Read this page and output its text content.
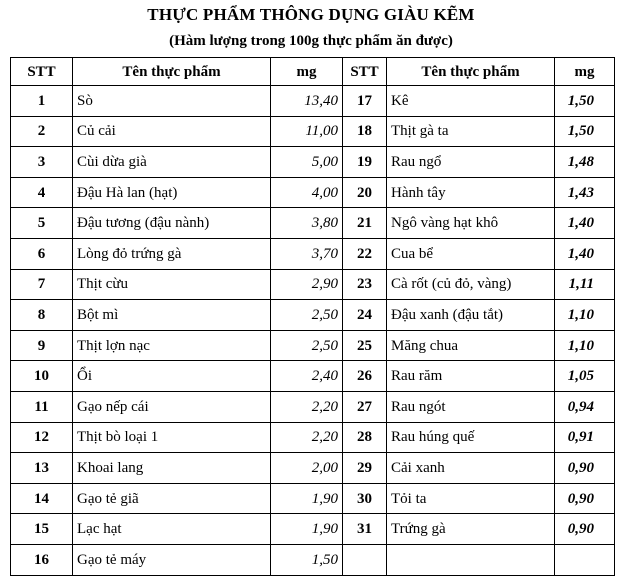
THỰC PHẨM THÔNG DỤNG GIÀU KẼM
(Hàm lượng trong 100g thực phẩm ăn được)
STT	Tên thực phẩm	mg	STT	Tên thực phẩm	mg
1	Sò	13,40	17	Kê	1,50
2	Củ cải	11,00	18	Thịt gà ta	1,50
3	Cùi dừa già	5,00	19	Rau ngổ	1,48
4	Đậu Hà lan (hạt)	4,00	20	Hành tây	1,43
5	Đậu tương (đậu nành)	3,80	21	Ngô vàng hạt khô	1,40
6	Lòng đỏ trứng gà	3,70	22	Cua bể	1,40
7	Thịt cừu	2,90	23	Cà rốt (củ đỏ, vàng)	1,11
8	Bột mì	2,50	24	Đậu xanh (đậu tắt)	1,10
9	Thịt lợn nạc	2,50	25	Măng chua	1,10
10	Ổi	2,40	26	Rau răm	1,05
11	Gạo nếp cái	2,20	27	Rau ngót	0,94
12	Thịt bò loại 1	2,20	28	Rau húng quế	0,91
13	Khoai lang	2,00	29	Cải xanh	0,90
14	Gạo tẻ giã	1,90	30	Tỏi ta	0,90
15	Lạc hạt	1,90	31	Trứng gà	0,90
16	Gạo tẻ máy	1,50			
